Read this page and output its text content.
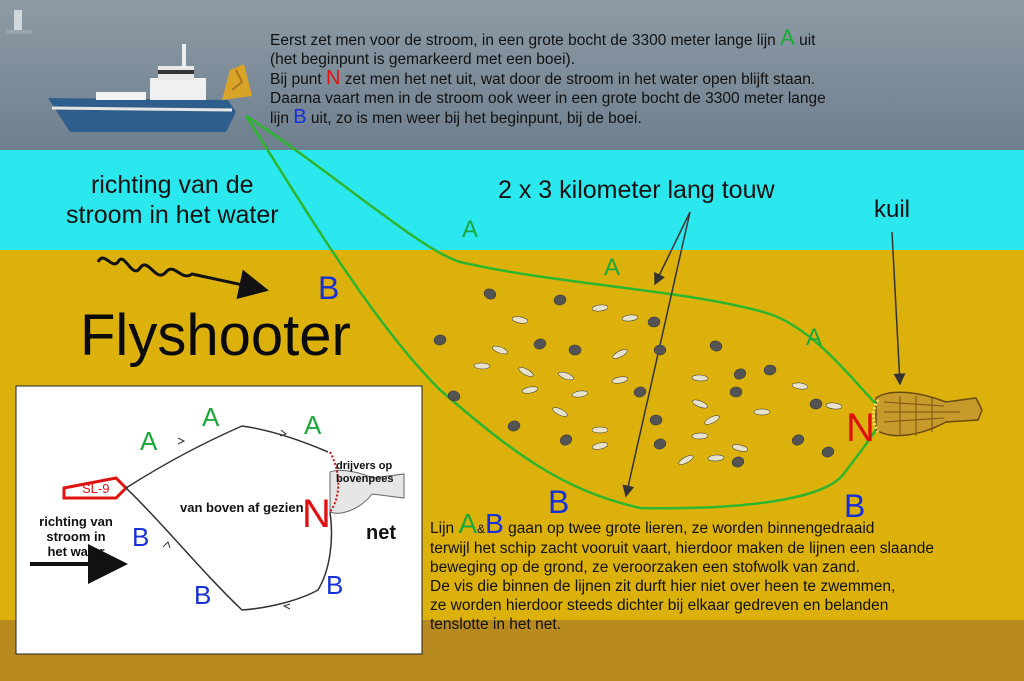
Eerst zet men voor de stroom, in een grote bocht de 3300 meter lange lijn A uit
(het beginpunt is gemarkeerd met een boei).
Bij punt N zet men het net uit, wat door de stroom in het water open blijft staan.
Daarna vaart men in de stroom ook weer in een grote bocht de 3300 meter lange
lijn B uit, zo is men weer bij het beginpunt, bij de boei.
richting van de
stroom in het water
2 x 3 kilometer lang touw
kuil
Flyshooter
A
A
A
B
B	B
N
SL-9
richting van
stroom in
het water
van boven af gezien
drijvers op
bovenpees
net
A
A	A
B
B	B
N	Lijn A&B gaan op twee grote lieren, ze worden binnengedraaid
terwijl het schip zacht vooruit vaart, hierdoor maken de lijnen een slaande
beweging op de grond, ze veroorzaken een stofwolk van zand.
De vis die binnen de lijnen zit durft hier niet over heen te zwemmen,
ze worden hierdoor steeds dichter bij elkaar gedreven en belanden
tenslotte in het net.
